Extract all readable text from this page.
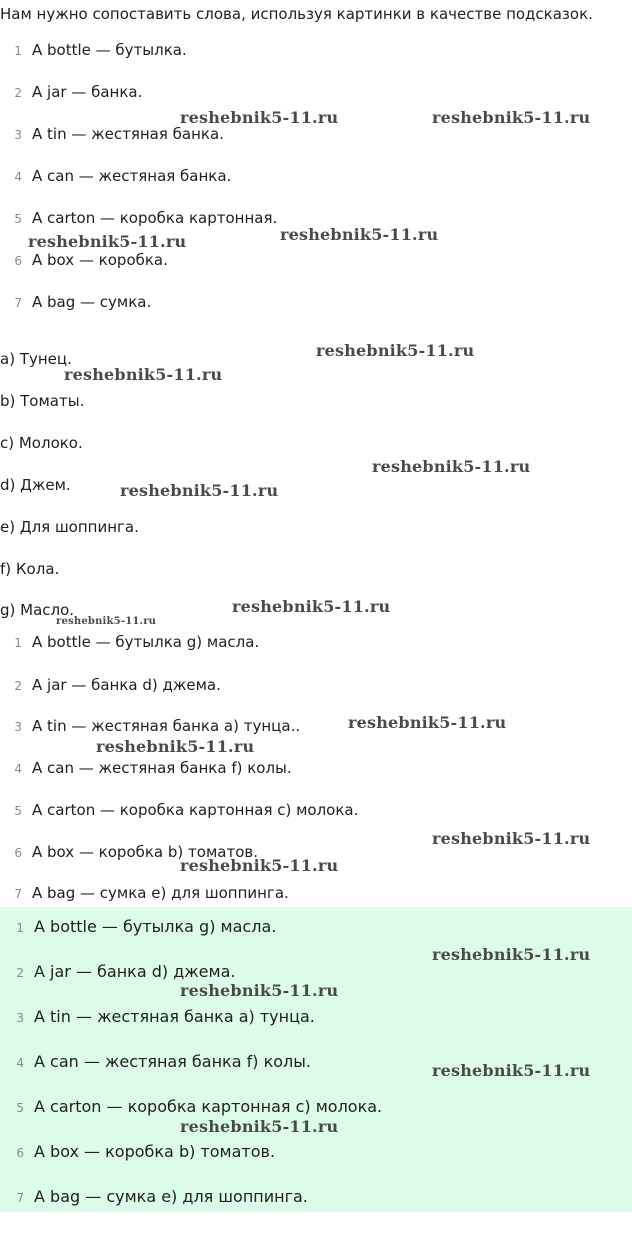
Нам нужно сопоставить слова, используя картинки в качестве подсказок.
1 A bottle — бутылка.
2 A jar — банка.
3 A tin — жестяная банка.
4 A can — жестяная банка.
5 A carton — коробка картонная.
6 A box — коробка.
7 A bag — сумка.
a) Тунец.
b) Томаты.
c) Молоко.
d) Джем.
e) Для шоппинга.
f) Кола.
g) Масло.
1 A bottle — бутылка g) масла.
2 A jar — банка d) джема.
3 A tin — жестяная банка a) тунца..
4 A can — жестяная банка f) колы.
5 A carton — коробка картонная c) молока.
6 A box — коробка b) томатов.
7 A bag — сумка e) для шоппинга.
1 A bottle — бутылка g) масла.
2 A jar — банка d) джема.
3 A tin — жестяная банка a) тунца.
4 A can — жестяная банка f) колы.
5 A carton — коробка картонная c) молока.
6 A box — коробка b) томатов.
7 A bag — сумка e) для шоппинга.
reshebnik5-11.ru	reshebnik5-11.ru
reshebnik5-11.ru
reshebnik5-11.ru
reshebnik5-11.ru
reshebnik5-11.ru
reshebnik5-11.ru
reshebnik5-11.ru
reshebnik5-11.ru
reshebnik5-11.ru
reshebnik5-11.ru
reshebnik5-11.ru
reshebnik5-11.ru
reshebnik5-11.ru
reshebnik5-11.ru
reshebnik5-11.ru
reshebnik5-11.ru
reshebnik5-11.ru
